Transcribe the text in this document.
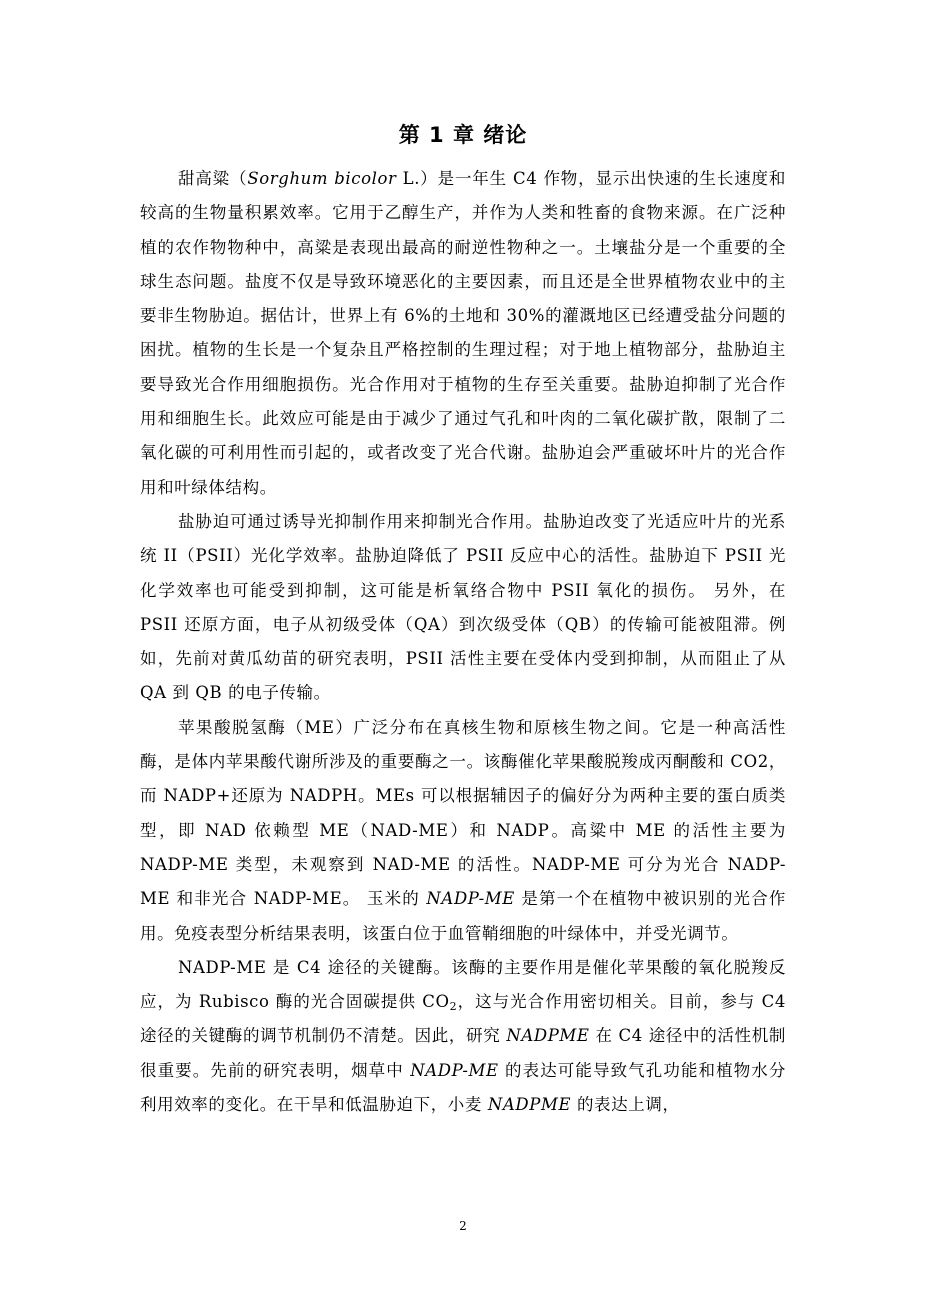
第 1 章 绪论

甜高粱（Sorghum bicolor L.）是一年生 C4 作物，显示出快速的生长速度和较高的生物量积累效率。它用于乙醇生产，并作为人类和牲畜的食物来源。在广泛种植的农作物物种中，高粱是表现出最高的耐逆性物种之一。土壤盐分是一个重要的全球生态问题。盐度不仅是导致环境恶化的主要因素，而且还是全世界植物农业中的主要非生物胁迫。据估计，世界上有 6%的土地和 30%的灌溉地区已经遭受盐分问题的困扰。植物的生长是一个复杂且严格控制的生理过程；对于地上植物部分，盐胁迫主要导致光合作用细胞损伤。光合作用对于植物的生存至关重要。盐胁迫抑制了光合作用和细胞生长。此效应可能是由于减少了通过气孔和叶肉的二氧化碳扩散，限制了二氧化碳的可利用性而引起的，或者改变了光合代谢。盐胁迫会严重破坏叶片的光合作用和叶绿体结构。

盐胁迫可通过诱导光抑制作用来抑制光合作用。盐胁迫改变了光适应叶片的光系统 II（PSII）光化学效率。盐胁迫降低了 PSII 反应中心的活性。盐胁迫下 PSII 光化学效率也可能受到抑制，这可能是析氧络合物中 PSII 氧化的损伤。 另外，在 PSII 还原方面，电子从初级受体（QA）到次级受体（QB）的传输可能被阻滞。例如，先前对黄瓜幼苗的研究表明，PSII 活性主要在受体内受到抑制，从而阻止了从 QA 到 QB 的电子传输。

苹果酸脱氢酶（ME）广泛分布在真核生物和原核生物之间。它是一种高活性酶，是体内苹果酸代谢所涉及的重要酶之一。该酶催化苹果酸脱羧成丙酮酸和 CO2，而 NADP+还原为 NADPH。MEs 可以根据辅因子的偏好分为两种主要的蛋白质类型，即 NAD 依赖型 ME（NAD-ME）和 NADP。高粱中 ME 的活性主要为 NADP-ME 类型，未观察到 NAD-ME 的活性。NADP-ME 可分为光合 NADP-ME 和非光合 NADP-ME。 玉米的 NADP-ME 是第一个在植物中被识别的光合作用。免疫表型分析结果表明，该蛋白位于血管鞘细胞的叶绿体中，并受光调节。

NADP-ME 是 C4 途径的关键酶。该酶的主要作用是催化苹果酸的氧化脱羧反应，为 Rubisco 酶的光合固碳提供 $CO_2$，这与光合作用密切相关。目前，参与 C4 途径的关键酶的调节机制仍不清楚。因此，研究 NADPME 在 C4 途径中的活性机制很重要。先前的研究表明，烟草中 NADP-ME 的表达可能导致气孔功能和植物水分利用效率的变化。在干旱和低温胁迫下，小麦 NADPME 的表达上调，

2
